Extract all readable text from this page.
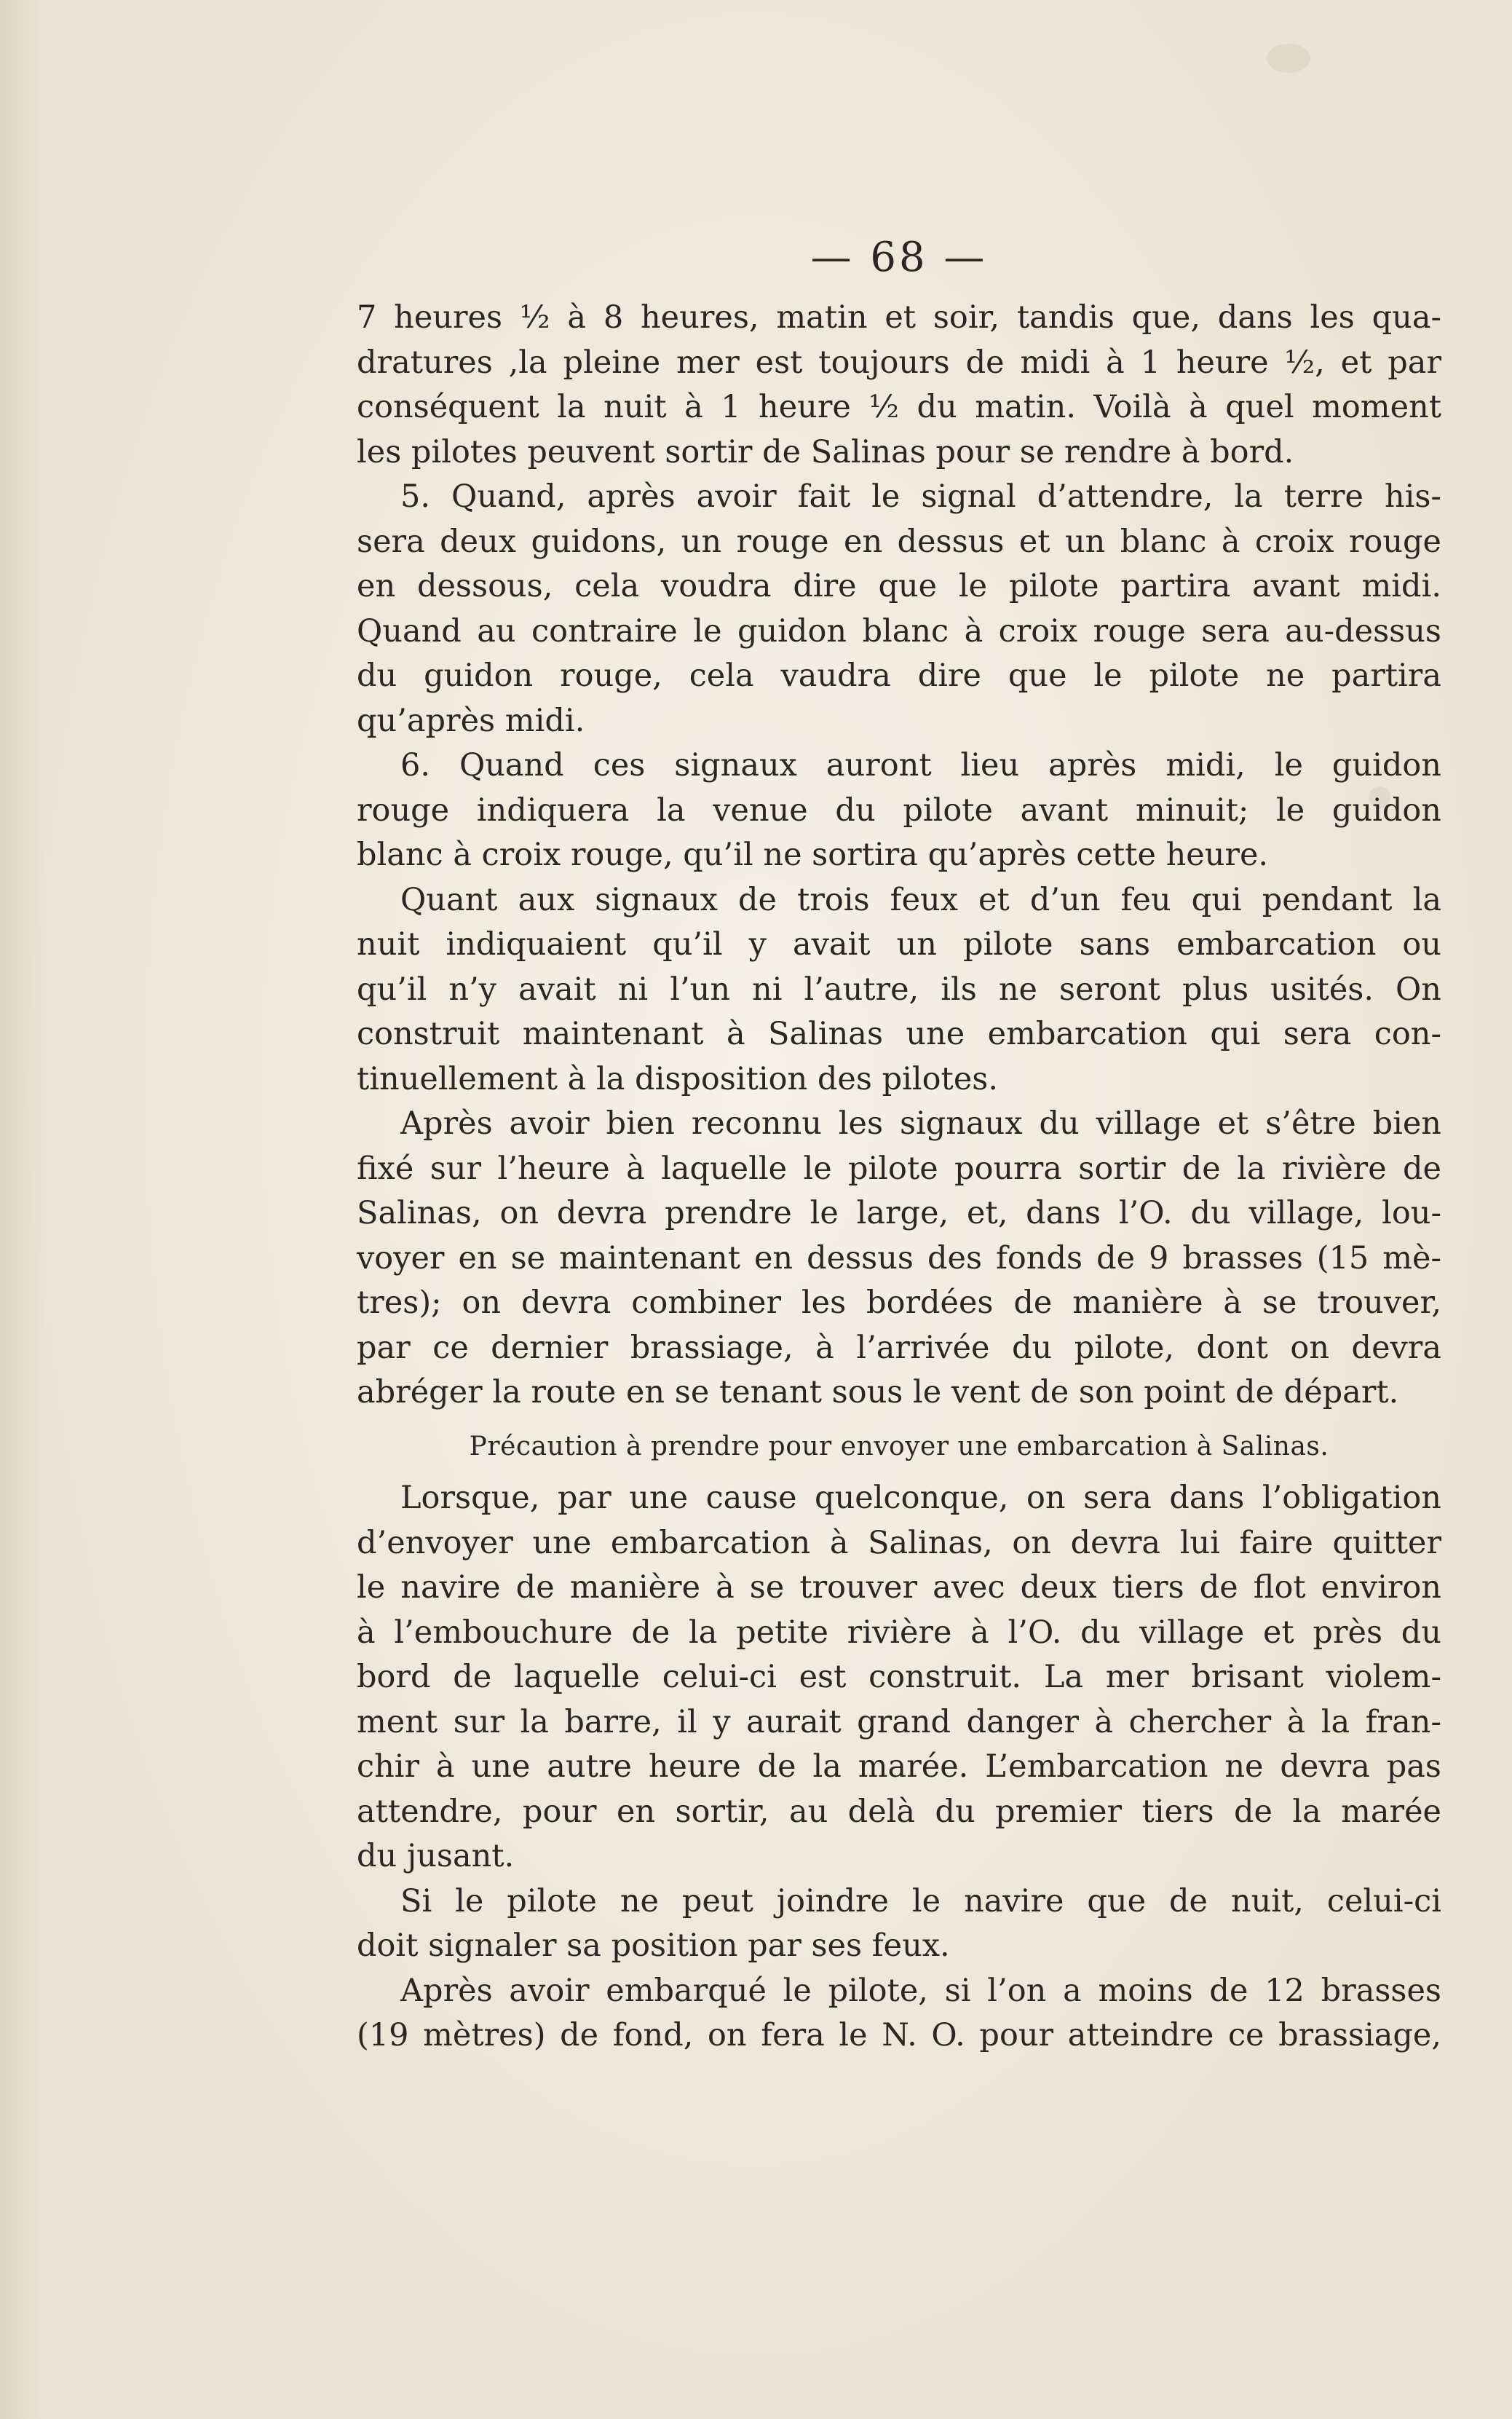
— 68 —
7 heures ½ à 8 heures, matin et soir, tandis que, dans les qua-
dratures ,la pleine mer est toujours de midi à 1 heure ½, et par
conséquent la nuit à 1 heure ½ du matin. Voilà à quel moment
les pilotes peuvent sortir de Salinas pour se rendre à bord.
5. Quand, après avoir fait le signal d’attendre, la terre his-
sera deux guidons, un rouge en dessus et un blanc à croix rouge
en dessous, cela voudra dire que le pilote partira avant midi.
Quand au contraire le guidon blanc à croix rouge sera au-dessus
du guidon rouge, cela vaudra dire que le pilote ne partira
qu’après midi.
6. Quand ces signaux auront lieu après midi, le guidon
rouge indiquera la venue du pilote avant minuit; le guidon
blanc à croix rouge, qu’il ne sortira qu’après cette heure.
Quant aux signaux de trois feux et d’un feu qui pendant la
nuit indiquaient qu’il y avait un pilote sans embarcation ou
qu’il n’y avait ni l’un ni l’autre, ils ne seront plus usités. On
construit maintenant à Salinas une embarcation qui sera con-
tinuellement à la disposition des pilotes.
Après avoir bien reconnu les signaux du village et s’être bien
fixé sur l’heure à laquelle le pilote pourra sortir de la rivière de
Salinas, on devra prendre le large, et, dans l’O. du village, lou-
voyer en se maintenant en dessus des fonds de 9 brasses (15 mè-
tres); on devra combiner les bordées de manière à se trouver,
par ce dernier brassiage, à l’arrivée du pilote, dont on devra
abréger la route en se tenant sous le vent de son point de départ.
Précaution à prendre pour envoyer une embarcation à Salinas.
Lorsque, par une cause quelconque, on sera dans l’obligation
d’envoyer une embarcation à Salinas, on devra lui faire quitter
le navire de manière à se trouver avec deux tiers de flot environ
à l’embouchure de la petite rivière à l’O. du village et près du
bord de laquelle celui-ci est construit. La mer brisant violem-
ment sur la barre, il y aurait grand danger à chercher à la fran-
chir à une autre heure de la marée. L’embarcation ne devra pas
attendre, pour en sortir, au delà du premier tiers de la marée
du jusant.
Si le pilote ne peut joindre le navire que de nuit, celui-ci
doit signaler sa position par ses feux.
Après avoir embarqué le pilote, si l’on a moins de 12 brasses
(19 mètres) de fond, on fera le N. O. pour atteindre ce brassiage,
